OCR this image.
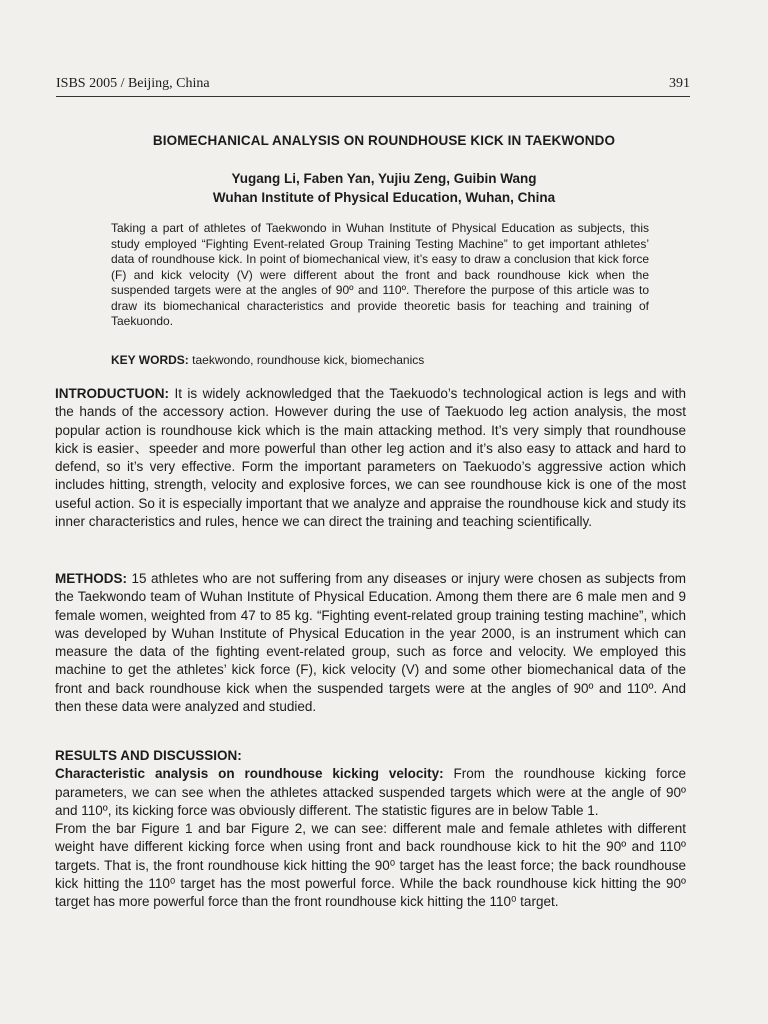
ISBS 2005 / Beijing, China	391
BIOMECHANICAL ANALYSIS ON ROUNDHOUSE KICK IN TAEKWONDO
Yugang Li, Faben Yan, Yujiu Zeng, Guibin Wang
Wuhan Institute of Physical Education, Wuhan, China

Taking a part of athletes of Taekwondo in Wuhan Institute of Physical Education as subjects, this study employed “Fighting Event-related Group Training Testing Machine” to get important athletes’ data of roundhouse kick. In point of biomechanical view, it’s easy to draw a conclusion that kick force (F) and kick velocity (V) were different about the front and back roundhouse kick when the suspended targets were at the angles of 90º and 110º. Therefore the purpose of this article was to draw its biomechanical characteristics and provide theoretic basis for teaching and training of Taekuondo.

KEY WORDS: taekwondo, roundhouse kick, biomechanics

INTRODUCTUON: It is widely acknowledged that the Taekuodo’s technological action is legs and with the hands of the accessory action. However during the use of Taekuodo leg action analysis, the most popular action is roundhouse kick which is the main attacking method. It’s very simply that roundhouse kick is easier、speeder and more powerful than other leg action and it’s also easy to attack and hard to defend, so it’s very effective. Form the important parameters on Taekuodo’s aggressive action which includes hitting, strength, velocity and explosive forces, we can see roundhouse kick is one of the most useful action. So it is especially important that we analyze and appraise the roundhouse kick and study its inner characteristics and rules, hence we can direct the training and teaching scientifically.

METHODS: 15 athletes who are not suffering from any diseases or injury were chosen as subjects from the Taekwondo team of Wuhan Institute of Physical Education. Among them there are 6 male men and 9 female women, weighted from 47 to 85 kg. “Fighting event-related group training testing machine”, which was developed by Wuhan Institute of Physical Education in the year 2000, is an instrument which can measure the data of the fighting event-related group, such as force and velocity. We employed this machine to get the athletes’ kick force (F), kick velocity (V) and some other biomechanical data of the front and back roundhouse kick when the suspended targets were at the angles of 90º and 110º. And then these data were analyzed and studied.

RESULTS AND DISCUSSION:

Characteristic analysis on roundhouse kicking velocity: From the roundhouse kicking force parameters, we can see when the athletes attacked suspended targets which were at the angle of 90º and 110º, its kicking force was obviously different. The statistic figures are in below Table 1.

From the bar Figure 1 and bar Figure 2, we can see: different male and female athletes with different weight have different kicking force when using front and back roundhouse kick to hit the 90º and 110º targets. That is, the front roundhouse kick hitting the 90⁰ target has the least force; the back roundhouse kick hitting the 110⁰ target has the most powerful force. While the back roundhouse kick hitting the 90º target has more powerful force than the front roundhouse kick hitting the 110⁰ target.
